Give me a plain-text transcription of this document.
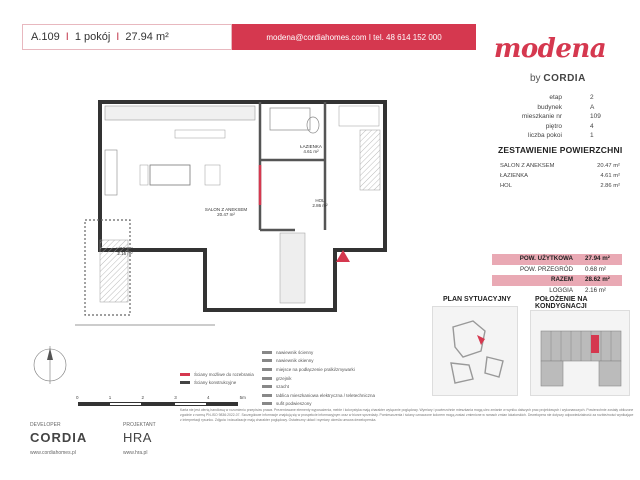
A.109 I 1 pokój I 27.94 m²	modena@cordiahomes.com I tel. 48 614 152 000 modena
by CORDIA
etap	2
budynek	A
mieszkanie nr	109
piętro	4
liczba pokoi	1
ZESTAWIENIE POWIERZCHNI
SALON Z ANEKSEM	20.47 m²
ŁAZIENKA	4.61 m²
HOL	2.86 m²
POW. UŻYTKOWA	27.94 m²
POW. PRZEGRÓD	0.68 m²
RAZEM	28.62 m²
LOGGIA	2.16 m²
SALON Z ANEKSEM
20.47 m²
ŁAZIENKA
4.61 m²
HOL
2.86 m²
LOGGIA
2.16 m²
Ściany możliwe do rozebrania
Ściany konstrukcyjne
nawiewnik ścienny
nawiewnik okienny
miejsce na podłączenie pralki/zmywarki
grzejnik
szacht
tablica mieszkaniowa elektryczna / teletechniczna
sufit podwieszony
0	1	2	3	4	5m
PLAN SYTUACYJNY	POŁOŻENIE NA KONDYGNACJI
DEVELOPER
CORDIA
www.cordiahomes.pl
PROJEKTANT
HRA
www.hra.pl
Karta nie jest ofertą handlową w rozumieniu przepisów prawa. Prezentowane elementy wyposażenia, meble i kolorystyka mają charakter wyłącznie poglądowy. Wymiary i powierzchnie mieszkania mogą ulec zmianie w wyniku dalszych prac projektowych i wykonawczych. Powierzchnie zostały obliczone zgodnie z normą PN-ISO 9836:2022-07. Szczegółowe informacje znajdują się w prospekcie informacyjnym oraz w biurze sprzedaży. Pomieszczenia i ściany oznaczone kolorem mogą zostać zmienione w ramach zmian lokatorskich. Dewelopera nie dotyczy odpowiedzialność za rozbieżności wynikające z interpretacji rysunku. Zdjęcia i wizualizacje mają charakter poglądowy. Ostateczny układ i wymiary określa umowa deweloperska.
